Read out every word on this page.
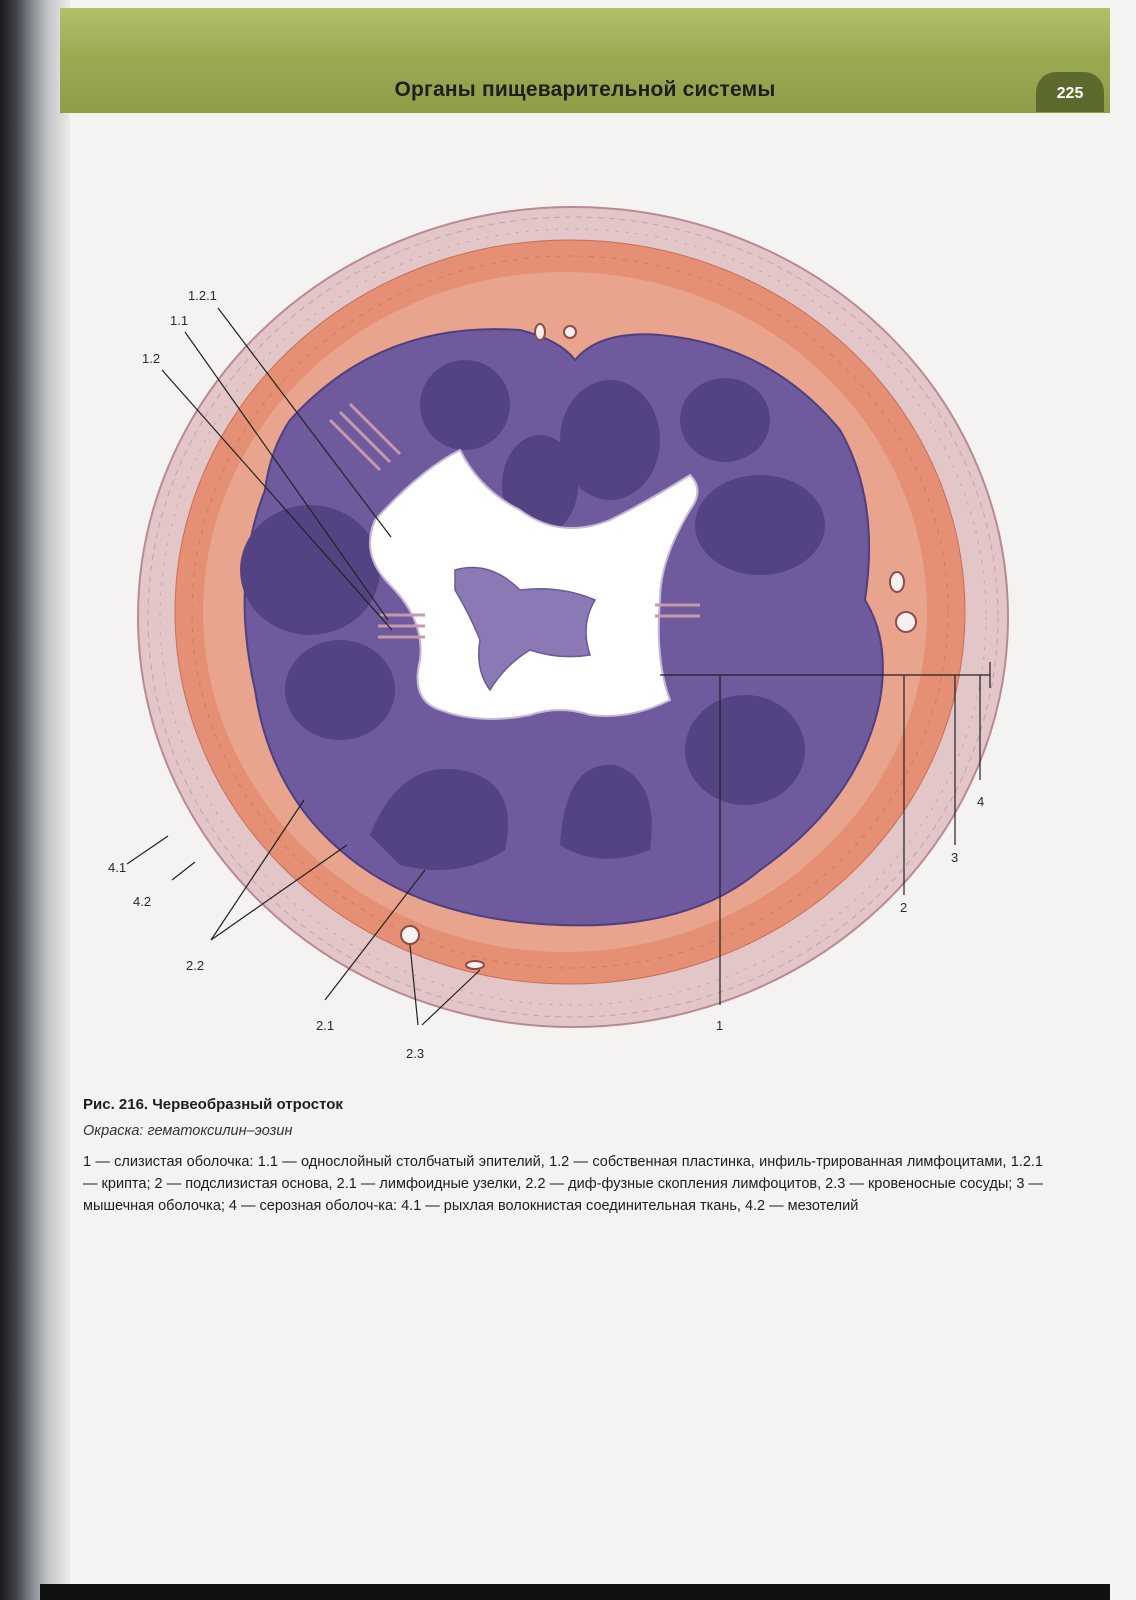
Органы пищеварительной системы	225
1.2.1
1.1
1.2
4.1
4.2
2.2
2.1
2.3
1
2
3
4

Рис. 216. Червеобразный отросток

Окраска: гематоксилин–эозин

1 — слизистая оболочка: 1.1 — однослойный столбчатый эпителий, 1.2 — собственная пластинка, инфиль-трированная лимфоцитами, 1.2.1 — крипта; 2 — подслизистая основа, 2.1 — лимфоидные узелки, 2.2 — диф-фузные скопления лимфоцитов, 2.3 — кровеносные сосуды; 3 — мышечная оболочка; 4 — серозная оболоч-ка: 4.1 — рыхлая волокнистая соединительная ткань, 4.2 — мезотелий
